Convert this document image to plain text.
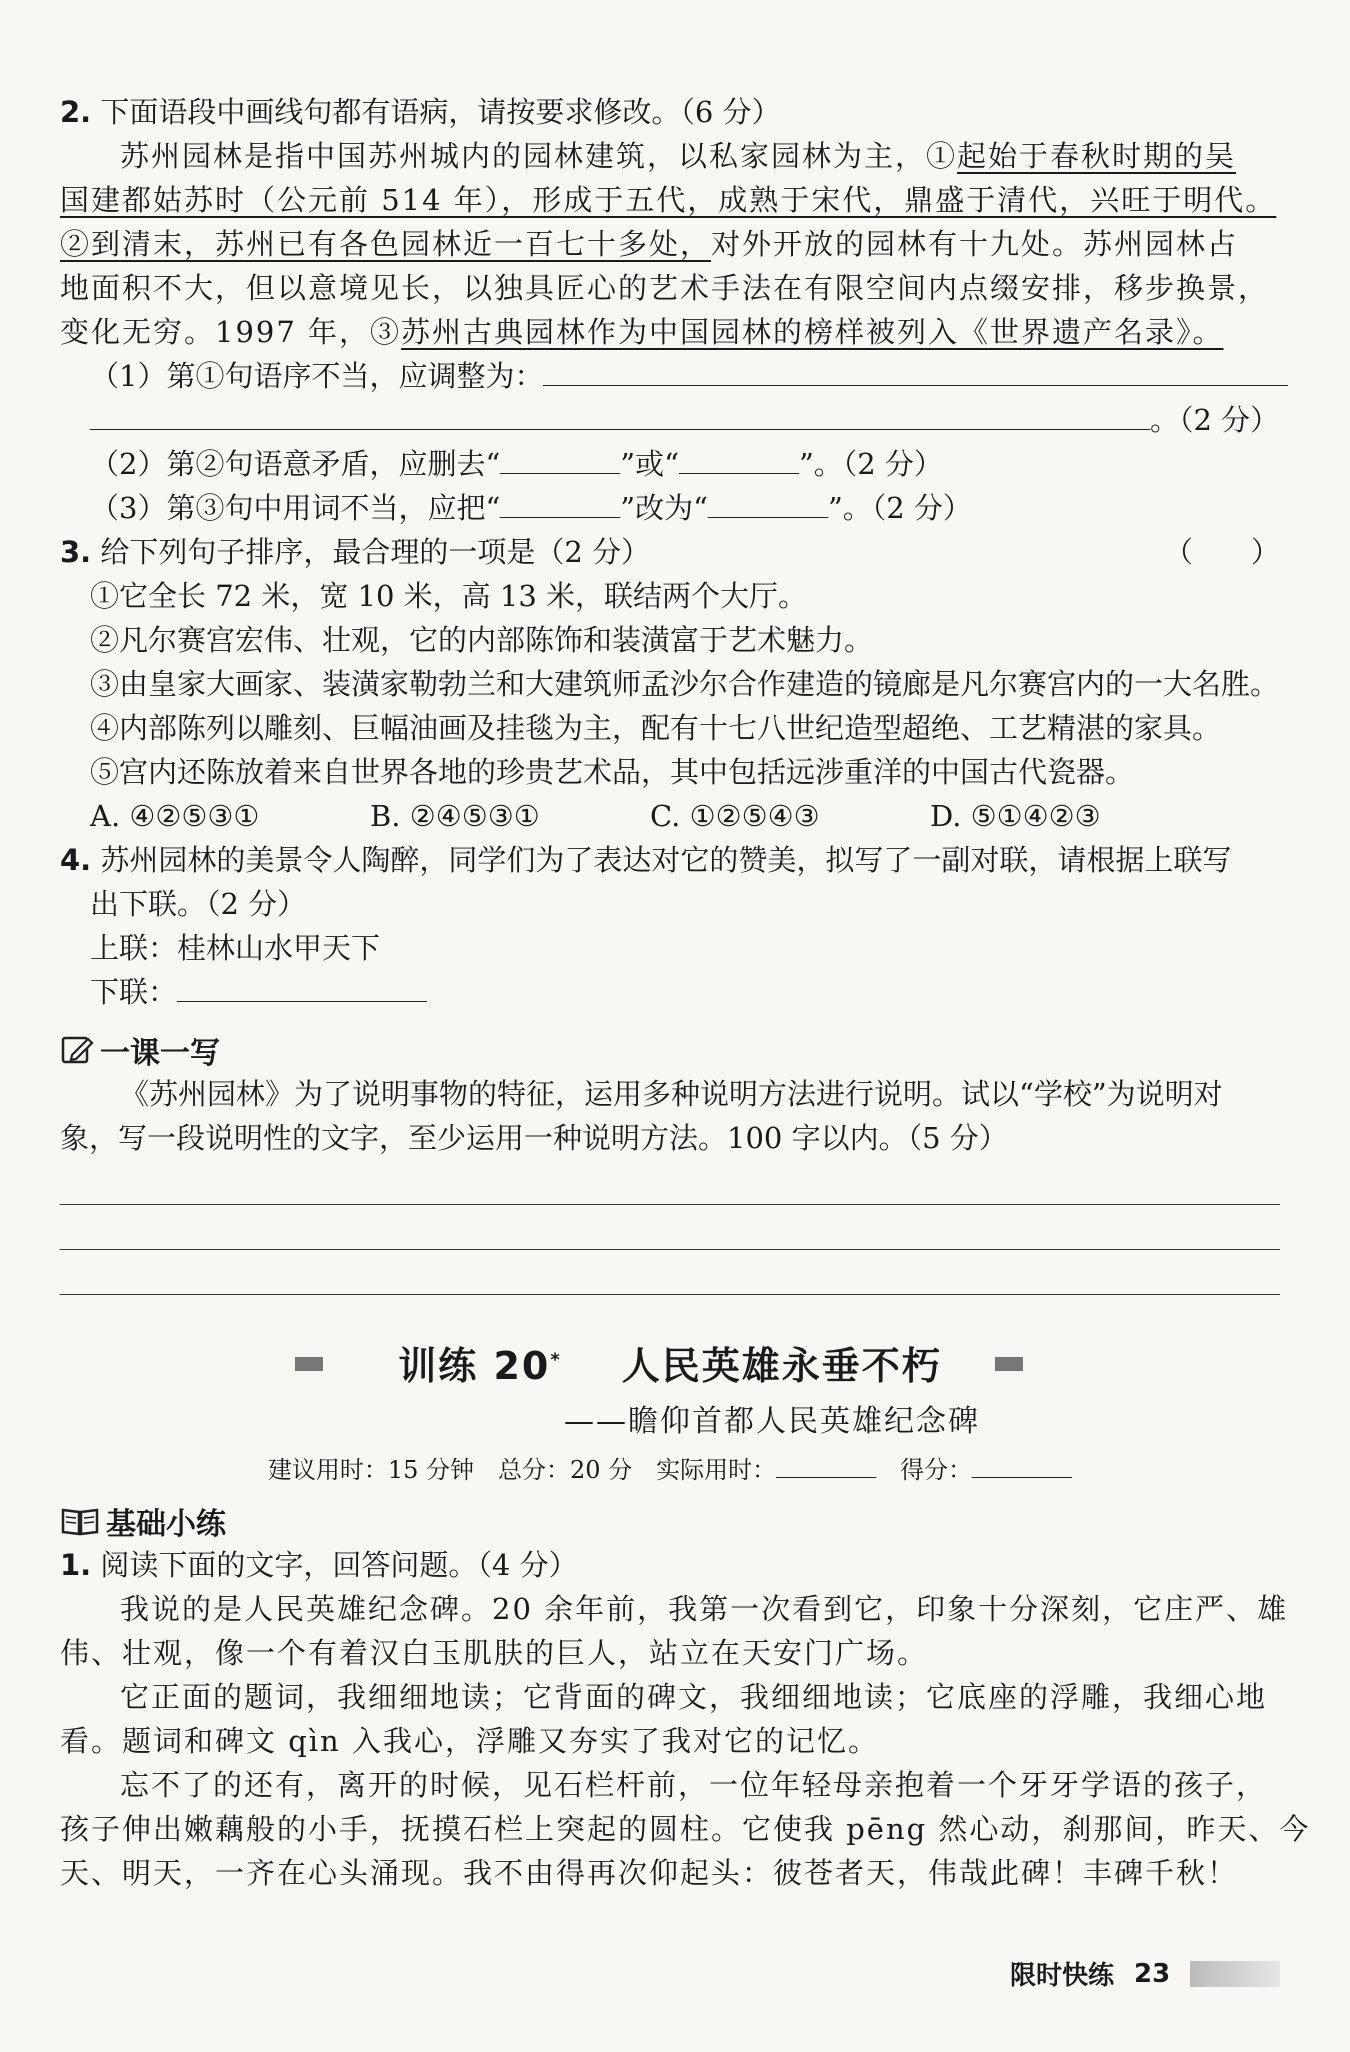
2. 下面语段中画线句都有语病，请按要求修改。（6 分）
苏州园林是指中国苏州城内的园林建筑，以私家园林为主，①起始于春秋时期的吴
国建都姑苏时（公元前 514 年），形成于五代，成熟于宋代，鼎盛于清代，兴旺于明代。
②到清末，苏州已有各色园林近一百七十多处，对外开放的园林有十九处。苏州园林占
地面积不大，但以意境见长，以独具匠心的艺术手法在有限空间内点缀安排，移步换景，
变化无穷。1997 年，③苏州古典园林作为中国园林的榜样被列入《世界遗产名录》。
（1）第①句语序不当，应调整为：
。（2 分）
（2）第②句语意矛盾，应删去“	”或“	”。（2 分）
（3）第③句中用词不当，应把“	”改为“	”。（2 分）
3. 给下列句子排序，最合理的一项是（2 分）	（　　）
①它全长 72 米，宽 10 米，高 13 米，联结两个大厅。
②凡尔赛宫宏伟、壮观，它的内部陈饰和装潢富于艺术魅力。
③由皇家大画家、装潢家勒勃兰和大建筑师孟沙尔合作建造的镜廊是凡尔赛宫内的一大名胜。
④内部陈列以雕刻、巨幅油画及挂毯为主，配有十七八世纪造型超绝、工艺精湛的家具。
⑤宫内还陈放着来自世界各地的珍贵艺术品，其中包括远涉重洋的中国古代瓷器。
A. ④②⑤③①	B. ②④⑤③①	C. ①②⑤④③	D. ⑤①④②③
4. 苏州园林的美景令人陶醉，同学们为了表达对它的赞美，拟写了一副对联，请根据上联写
出下联。（2 分）
上联：桂林山水甲天下
下联：
一课一写
《苏州园林》为了说明事物的特征，运用多种说明方法进行说明。试以“学校”为说明对
象，写一段说明性的文字，至少运用一种说明方法。100 字以内。（5 分）
训练 20* 人民英雄永垂不朽
——瞻仰首都人民英雄纪念碑
建议用时：15 分钟　总分：20 分　实际用时：	　得分：
基础小练
1. 阅读下面的文字，回答问题。（4 分）
我说的是人民英雄纪念碑。20 余年前，我第一次看到它，印象十分深刻，它庄严、雄
伟、壮观，像一个有着汉白玉肌肤的巨人，站立在天安门广场。
它正面的题词，我细细地读；它背面的碑文，我细细地读；它底座的浮雕，我细心地
看。题词和碑文 qìn 入我心，浮雕又夯实了我对它的记忆。
忘不了的还有，离开的时候，见石栏杆前，一位年轻母亲抱着一个牙牙学语的孩子，
孩子伸出嫩藕般的小手，抚摸石栏上突起的圆柱。它使我 pēng 然心动，刹那间，昨天、今
天、明天，一齐在心头涌现。我不由得再次仰起头：彼苍者天，伟哉此碑！丰碑千秋！
限时快练 23
